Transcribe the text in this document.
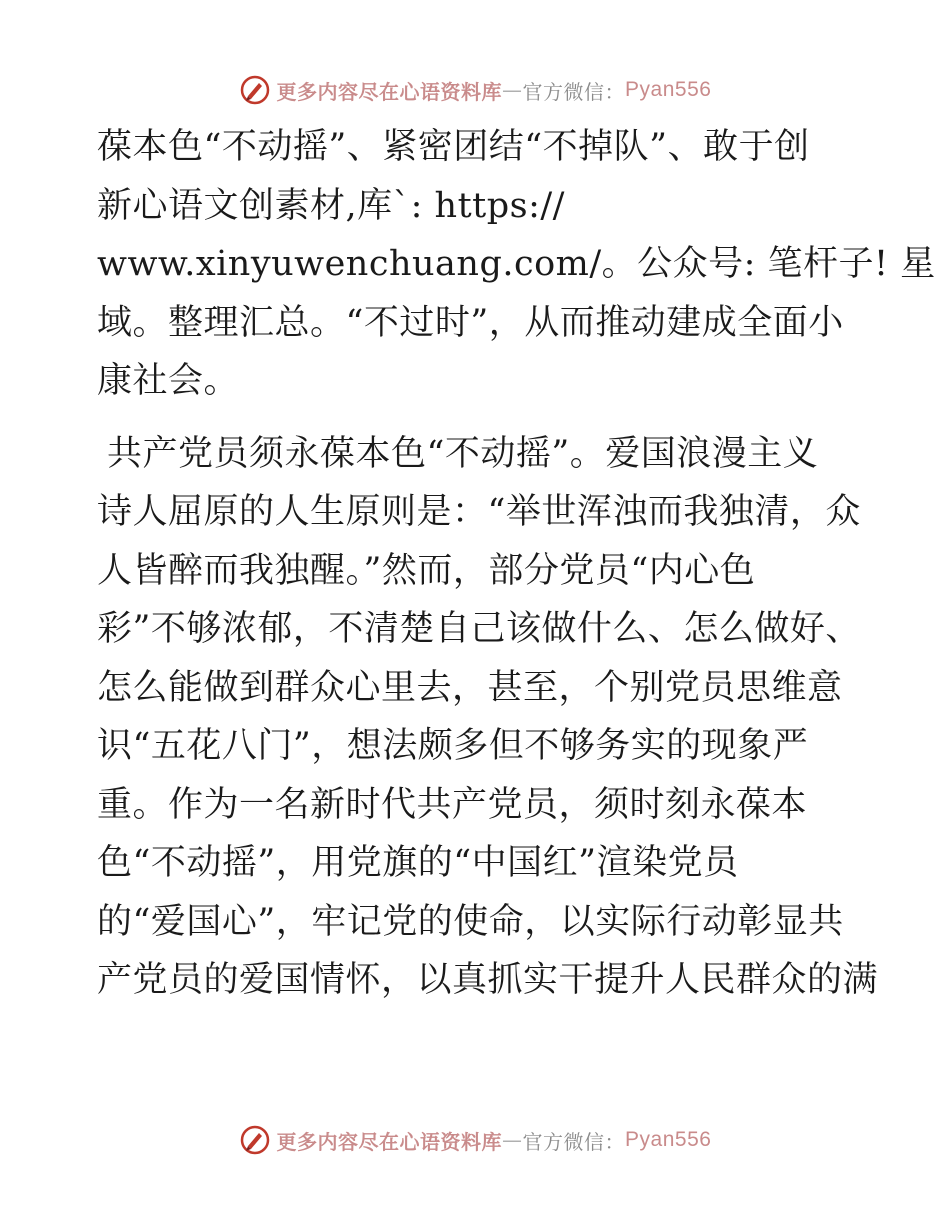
更多内容尽在心语资料库 — 官方微信： Pyan556
葆本色“不动摇”、紧密团结“不掉队”、敢于创
新心语文创素材,库`: https://
www.xinyuwenchuang.com/。公众号: 笔杆子! 星
域。整理汇总。“不过时”，从而推动建成全面小
康社会。
共产党员须永葆本色“不动摇”。爱国浪漫主义
诗人屈原的人生原则是：“举世浑浊而我独清，众
人皆醉而我独醒。”然而，部分党员“内心色
彩”不够浓郁，不清楚自己该做什么、怎么做好、
怎么能做到群众心里去，甚至，个别党员思维意
识“五花八门”，想法颇多但不够务实的现象严
重。作为一名新时代共产党员，须时刻永葆本
色“不动摇”，用党旗的“中国红”渲染党员
的“爱国心”，牢记党的使命，以实际行动彰显共
产党员的爱国情怀，以真抓实干提升人民群众的满
更多内容尽在心语资料库 — 官方微信： Pyan556
